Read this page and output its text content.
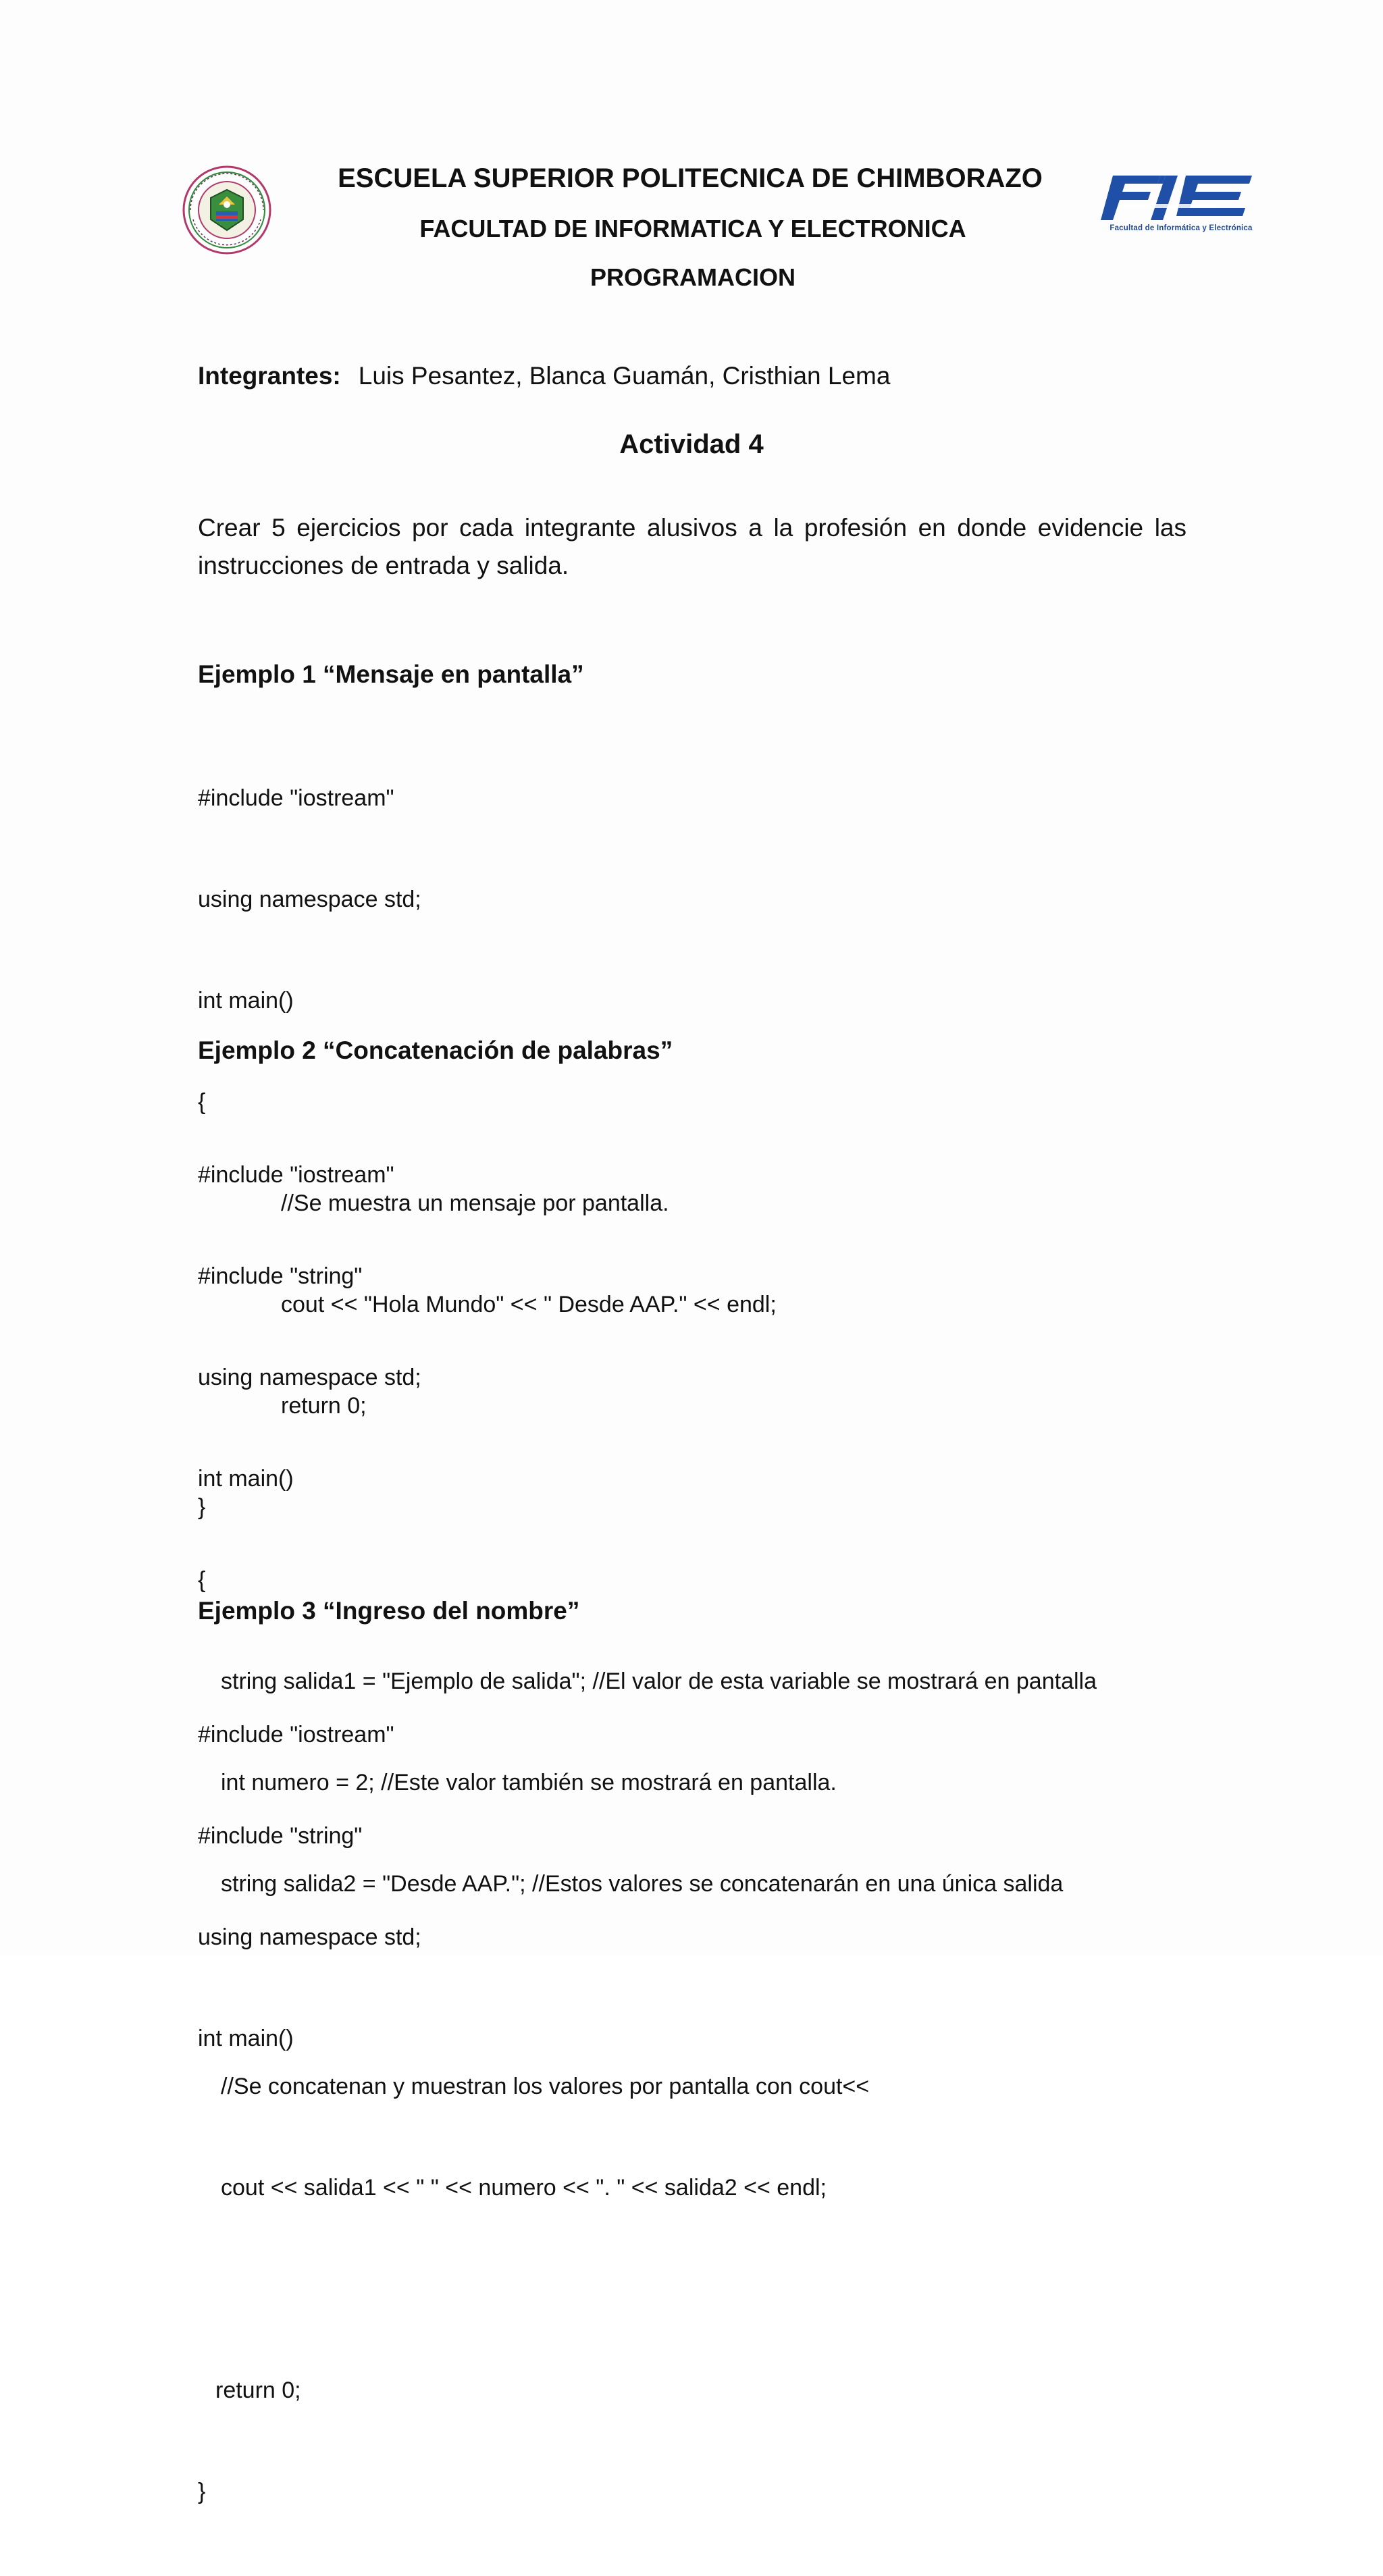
Facultad de Informática y Electrónica
ESCUELA SUPERIOR POLITECNICA DE CHIMBORAZO
FACULTAD DE INFORMATICA Y ELECTRONICA
PROGRAMACION
Integrantes: Luis Pesantez, Blanca Guamán, Cristhian Lema
Actividad 4
Crear 5 ejercicios por cada integrante alusivos a la profesión en donde evidencie las instrucciones de entrada y salida.
Ejemplo 1 “Mensaje en pantalla”

#include "iostream"

using namespace std;

int main()

{

//Se muestra un mensaje por pantalla.

cout << "Hola Mundo" << " Desde AAP." << endl;

return 0;

}

Ejemplo 2 “Concatenación de palabras”

#include "iostream"

#include "string"

using namespace std;

int main()

{

string salida1 = "Ejemplo de salida"; //El valor de esta variable se mostrará en pantalla

int numero = 2; //Este valor también se mostrará en pantalla.

string salida2 = "Desde AAP."; //Estos valores se concatenarán en una única salida

//Se concatenan y muestran los valores por pantalla con cout<<

cout << salida1 << " " << numero << ". " << salida2 << endl;

return 0;

}

Ejemplo 3 “Ingreso del nombre”

#include "iostream"

#include "string"

using namespace std;

int main()
